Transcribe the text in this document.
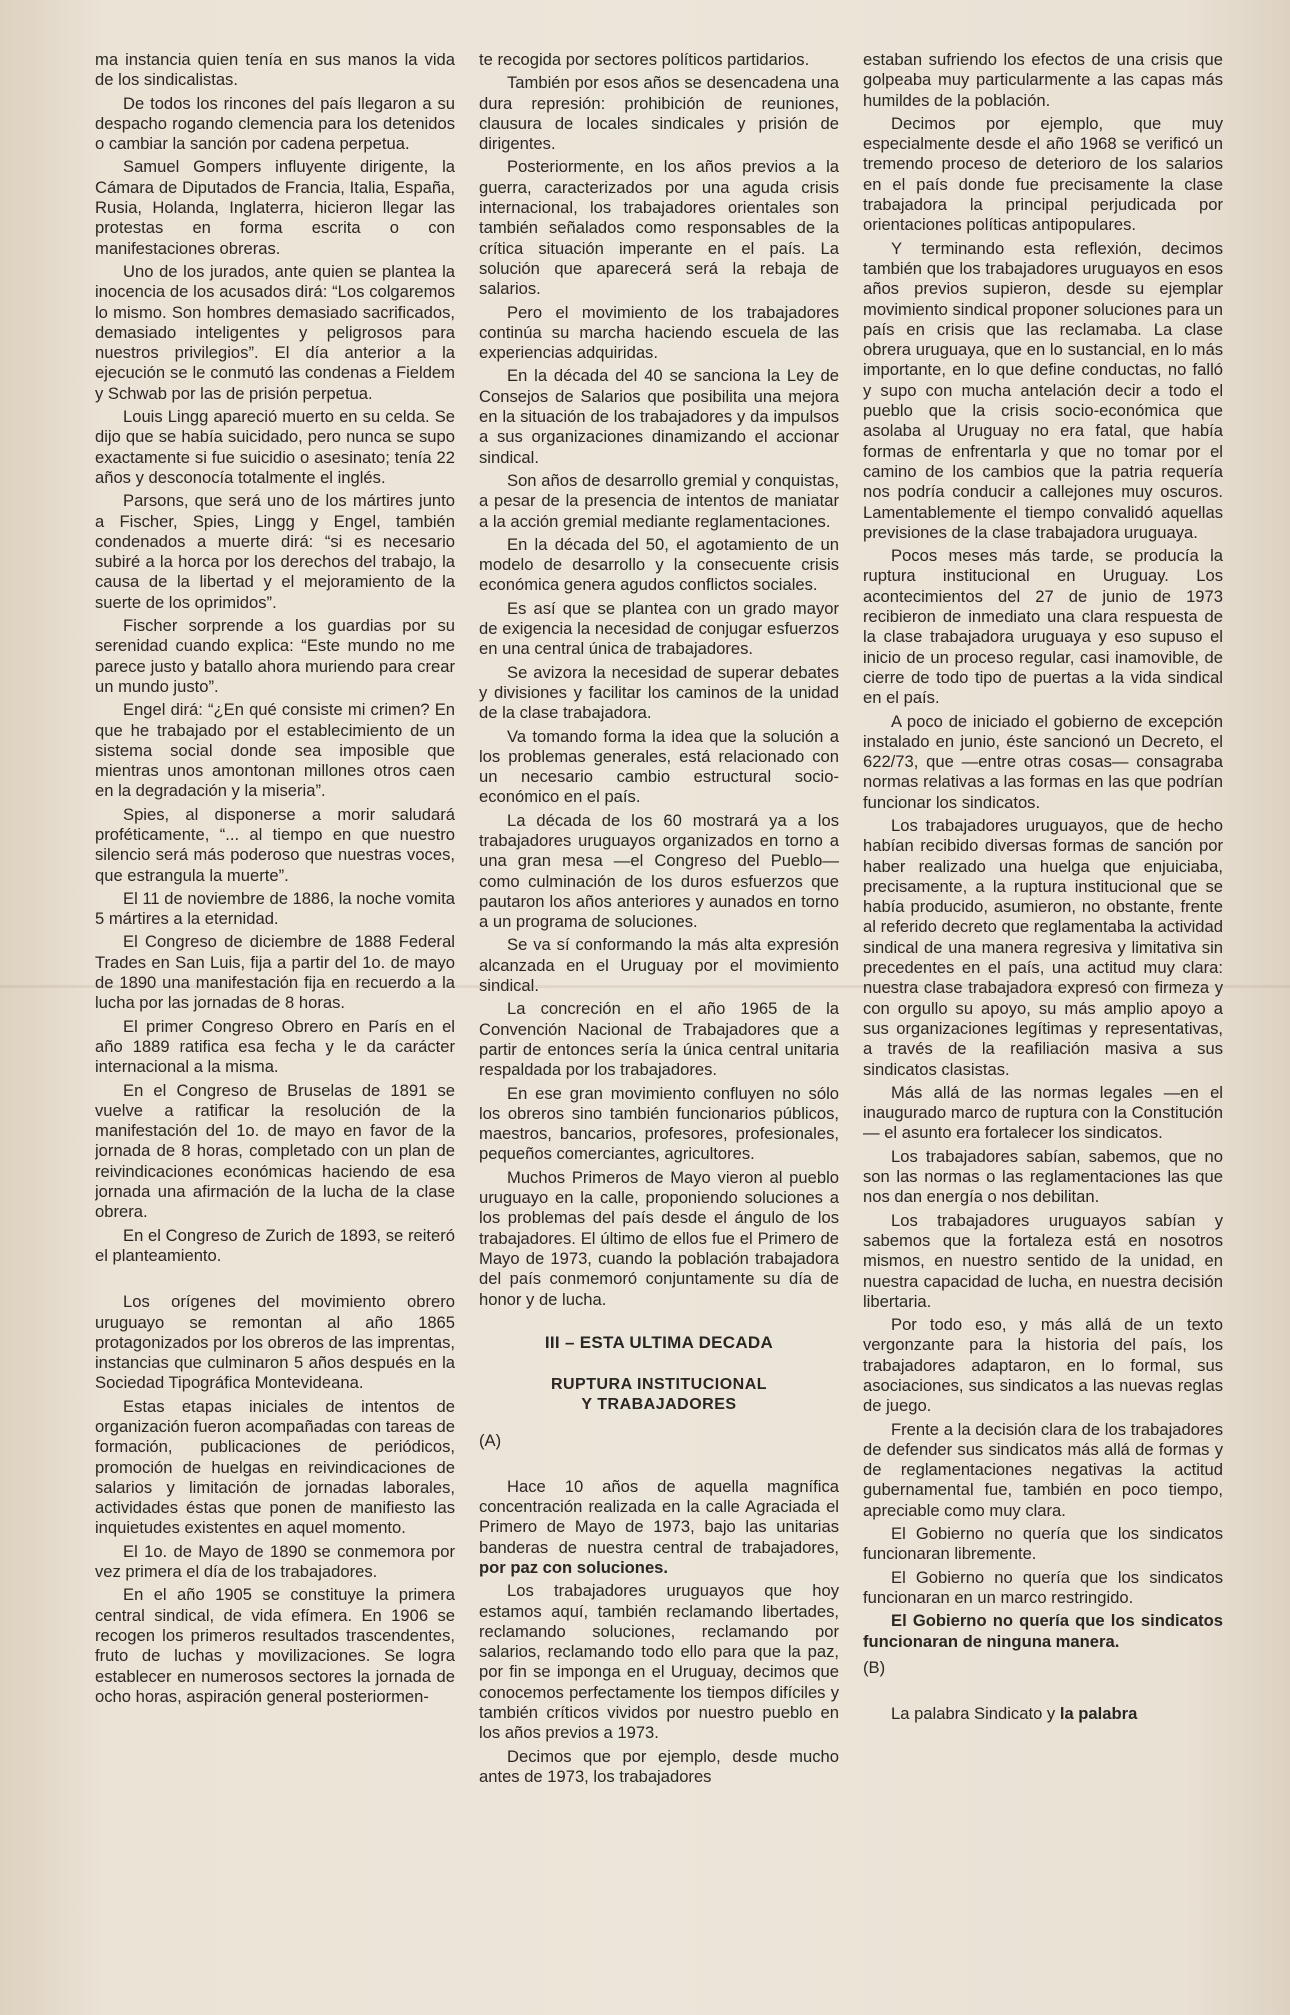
ma instancia quien tenía en sus manos la vida de los sindicalistas.

De todos los rincones del país llegaron a su despacho rogando clemencia para los detenidos o cambiar la sanción por cadena perpetua.

Samuel Gompers influyente dirigente, la Cámara de Diputados de Francia, Italia, España, Rusia, Holanda, Inglaterra, hicieron llegar las protestas en forma escrita o con manifestaciones obreras.

Uno de los jurados, ante quien se plantea la inocencia de los acusados dirá: “Los colgaremos lo mismo. Son hombres demasiado sacrificados, demasiado inteligentes y peligrosos para nuestros privilegios”. El día anterior a la ejecución se le conmutó las condenas a Fieldem y Schwab por las de prisión perpetua.

Louis Lingg apareció muerto en su celda. Se dijo que se había suicidado, pero nunca se supo exactamente si fue suicidio o asesinato; tenía 22 años y desconocía totalmente el inglés.

Parsons, que será uno de los mártires junto a Fischer, Spies, Lingg y Engel, también condenados a muerte dirá: “si es necesario subiré a la horca por los derechos del trabajo, la causa de la libertad y el mejoramiento de la suerte de los oprimidos”.

Fischer sorprende a los guardias por su serenidad cuando explica: “Este mundo no me parece justo y batallo ahora muriendo para crear un mundo justo”.

Engel dirá: “¿En qué consiste mi crimen? En que he trabajado por el establecimiento de un sistema social donde sea imposible que mientras unos amontonan millones otros caen en la degradación y la miseria”.

Spies, al disponerse a morir saludará proféticamente, “... al tiempo en que nuestro silencio será más poderoso que nuestras voces, que estrangula la muerte”.

El 11 de noviembre de 1886, la noche vomita 5 mártires a la eternidad.

El Congreso de diciembre de 1888 Federal Trades en San Luis, fija a partir del 1o. de mayo de 1890 una manifestación fija en recuerdo a la lucha por las jornadas de 8 horas.

El primer Congreso Obrero en París en el año 1889 ratifica esa fecha y le da carácter internacional a la misma.

En el Congreso de Bruselas de 1891 se vuelve a ratificar la resolución de la manifestación del 1o. de mayo en favor de la jornada de 8 horas, completado con un plan de reivindicaciones económicas haciendo de esa jornada una afirmación de la lucha de la clase obrera.

En el Congreso de Zurich de 1893, se reiteró el planteamiento.

Los orígenes del movimiento obrero uruguayo se remontan al año 1865 protagonizados por los obreros de las imprentas, instancias que culminaron 5 años después en la Sociedad Tipográfica Montevideana.

Estas etapas iniciales de intentos de organización fueron acompañadas con tareas de formación, publicaciones de periódicos, promoción de huelgas en reivindicaciones de salarios y limitación de jornadas laborales, actividades éstas que ponen de manifiesto las inquietudes existentes en aquel momento.

El 1o. de Mayo de 1890 se conmemora por vez primera el día de los trabajadores.

En el año 1905 se constituye la primera central sindical, de vida efímera. En 1906 se recogen los primeros resultados trascendentes, fruto de luchas y movilizaciones. Se logra establecer en numerosos sectores la jornada de ocho horas, aspiración general posteriormen-

te recogida por sectores políticos partidarios.

También por esos años se desencadena una dura represión: prohibición de reuniones, clausura de locales sindicales y prisión de dirigentes.

Posteriormente, en los años previos a la guerra, caracterizados por una aguda crisis internacional, los trabajadores orientales son también señalados como responsables de la crítica situación imperante en el país. La solución que aparecerá será la rebaja de salarios.

Pero el movimiento de los trabajadores continúa su marcha haciendo escuela de las experiencias adquiridas.

En la década del 40 se sanciona la Ley de Consejos de Salarios que posibilita una mejora en la situación de los trabajadores y da impulsos a sus organizaciones dinamizando el accionar sindical.

Son años de desarrollo gremial y conquistas, a pesar de la presencia de intentos de maniatar a la acción gremial mediante reglamentaciones.

En la década del 50, el agotamiento de un modelo de desarrollo y la consecuente crisis económica genera agudos conflictos sociales.

Es así que se plantea con un grado mayor de exigencia la necesidad de conjugar esfuerzos en una central única de trabajadores.

Se avizora la necesidad de superar debates y divisiones y facilitar los caminos de la unidad de la clase trabajadora.

Va tomando forma la idea que la solución a los problemas generales, está relacionado con un necesario cambio estructural socio-económico en el país.

La década de los 60 mostrará ya a los trabajadores uruguayos organizados en torno a una gran mesa —el Congreso del Pueblo— como culminación de los duros esfuerzos que pautaron los años anteriores y aunados en torno a un programa de soluciones.

Se va sí conformando la más alta expresión alcanzada en el Uruguay por el movimiento sindical.

La concreción en el año 1965 de la Convención Nacional de Trabajadores que a partir de entonces sería la única central unitaria respaldada por los trabajadores.

En ese gran movimiento confluyen no sólo los obreros sino también funcionarios públicos, maestros, bancarios, profesores, profesionales, pequeños comerciantes, agricultores.

Muchos Primeros de Mayo vieron al pueblo uruguayo en la calle, proponiendo soluciones a los problemas del país desde el ángulo de los trabajadores. El último de ellos fue el Primero de Mayo de 1973, cuando la población trabajadora del país conmemoró conjuntamente su día de honor y de lucha.

III – ESTA ULTIMA DECADA
RUPTURA INSTITUCIONAL
Y TRABAJADORES

(A)

Hace 10 años de aquella magnífica concentración realizada en la calle Agraciada el Primero de Mayo de 1973, bajo las unitarias banderas de nuestra central de trabajadores, por paz con soluciones.

Los trabajadores uruguayos que hoy estamos aquí, también reclamando libertades, reclamando soluciones, reclamando por salarios, reclamando todo ello para que la paz, por fin se imponga en el Uruguay, decimos que conocemos perfectamente los tiempos difíciles y también críticos vividos por nuestro pueblo en los años previos a 1973.

Decimos que por ejemplo, desde mucho antes de 1973, los trabajadores

estaban sufriendo los efectos de una crisis que golpeaba muy particularmente a las capas más humildes de la población.

Decimos por ejemplo, que muy especialmente desde el año 1968 se verificó un tremendo proceso de deterioro de los salarios en el país donde fue precisamente la clase trabajadora la principal perjudicada por orientaciones políticas antipopulares.

Y terminando esta reflexión, decimos también que los trabajadores uruguayos en esos años previos supieron, desde su ejemplar movimiento sindical proponer soluciones para un país en crisis que las reclamaba. La clase obrera uruguaya, que en lo sustancial, en lo más importante, en lo que define conductas, no falló y supo con mucha antelación decir a todo el pueblo que la crisis socio-económica que asolaba al Uruguay no era fatal, que había formas de enfrentarla y que no tomar por el camino de los cambios que la patria requería nos podría conducir a callejones muy oscuros. Lamentablemente el tiempo convalidó aquellas previsiones de la clase trabajadora uruguaya.

Pocos meses más tarde, se producía la ruptura institucional en Uruguay. Los acontecimientos del 27 de junio de 1973 recibieron de inmediato una clara respuesta de la clase trabajadora uruguaya y eso supuso el inicio de un proceso regular, casi inamovible, de cierre de todo tipo de puertas a la vida sindical en el país.

A poco de iniciado el gobierno de excepción instalado en junio, éste sancionó un Decreto, el 622/73, que —entre otras cosas— consagraba normas relativas a las formas en las que podrían funcionar los sindicatos.

Los trabajadores uruguayos, que de hecho habían recibido diversas formas de sanción por haber realizado una huelga que enjuiciaba, precisamente, a la ruptura institucional que se había producido, asumieron, no obstante, frente al referido decreto que reglamentaba la actividad sindical de una manera regresiva y limitativa sin precedentes en el país, una actitud muy clara: nuestra clase trabajadora expresó con firmeza y con orgullo su apoyo, su más amplio apoyo a sus organizaciones legítimas y representativas, a través de la reafiliación masiva a sus sindicatos clasistas.

Más allá de las normas legales —en el inaugurado marco de ruptura con la Constitución— el asunto era fortalecer los sindicatos.

Los trabajadores sabían, sabemos, que no son las normas o las reglamentaciones las que nos dan energía o nos debilitan.

Los trabajadores uruguayos sabían y sabemos que la fortaleza está en nosotros mismos, en nuestro sentido de la unidad, en nuestra capacidad de lucha, en nuestra decisión libertaria.

Por todo eso, y más allá de un texto vergonzante para la historia del país, los trabajadores adaptaron, en lo formal, sus asociaciones, sus sindicatos a las nuevas reglas de juego.

Frente a la decisión clara de los trabajadores de defender sus sindicatos más allá de formas y de reglamentaciones negativas la actitud gubernamental fue, también en poco tiempo, apreciable como muy clara.

El Gobierno no quería que los sindicatos funcionaran libremente.

El Gobierno no quería que los sindicatos funcionaran en un marco restringido.

El Gobierno no quería que los sindicatos funcionaran de ninguna manera.

(B)

La palabra Sindicato y la palabra
